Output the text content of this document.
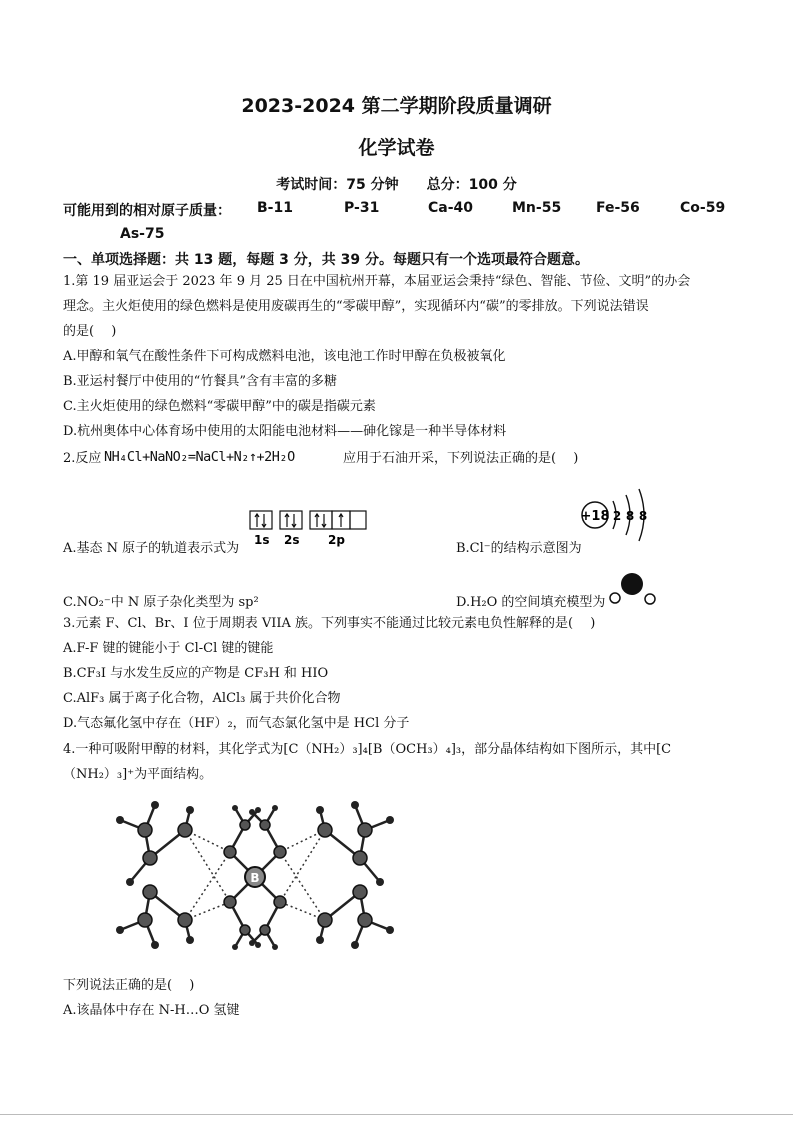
2023-2024 第二学期阶段质量调研
化学试卷
考试时间：75 分钟　　总分：100 分
可能用到的相对原子质量： B-11	P-31	Ca-40	Mn-55 Fe-56	Co-59
As-75
一、单项选择题：共 13 题，每题 3 分，共 39 分。每题只有一个选项最符合题意。
1.第 19 届亚运会于 2023 年 9 月 25 日在中国杭州开幕，本届亚运会秉持“绿色、智能、节俭、文明”的办会
理念。主火炬使用的绿色燃料是使用废碳再生的“零碳甲醇”，实现循环内“碳”的零排放。下列说法错误
的是(　 )
A.甲醇和氧气在酸性条件下可构成燃料电池，该电池工作时甲醇在负极被氧化
B.亚运村餐厅中使用的“竹餐具”含有丰富的多糖
C.主火炬使用的绿色燃料“零碳甲醇”中的碳是指碳元素
D.杭州奥体中心体育场中使用的太阳能电池材料——砷化镓是一种半导体材料
2.反应 NH₄Cl+NaNO₂=NaCl+N₂↑+2H₂O	应用于石油开采，下列说法正确的是(　 )
1s 2s 2p
A.基态 N 原子的轨道表示式为
+18 2 8 8
B.Cl⁻的结构示意图为
C.NO₂⁻中 N 原子杂化类型为 sp²	D.H₂O 的空间填充模型为
3.元素 F、Cl、Br、I 位于周期表 VIIA 族。下列事实不能通过比较元素电负性解释的是(　 )
A.F-F 键的键能小于 Cl-Cl 键的键能
B.CF₃I 与水发生反应的产物是 CF₃H 和 HIO
C.AlF₃ 属于离子化合物，AlCl₃ 属于共价化合物
D.气态氟化氢中存在（HF）₂，而气态氯化氢中是 HCl 分子
4.一种可吸附甲醇的材料，其化学式为[C（NH₂）₃]₄[B（OCH₃）₄]₃，部分晶体结构如下图所示，其中[C
（NH₂）₃]⁺为平面结构。
B
下列说法正确的是(　 )
A.该晶体中存在 N-H…O 氢键
